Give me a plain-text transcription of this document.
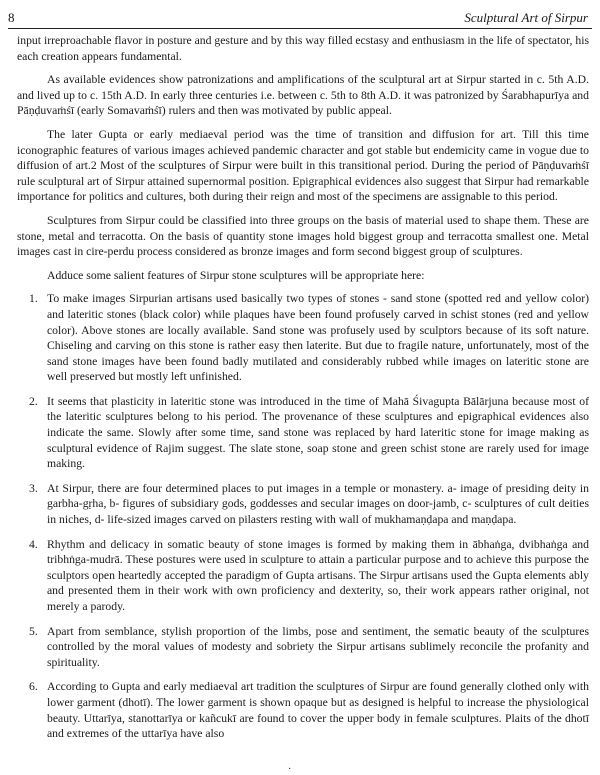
8	Sculptural Art of Sirpur

input irreproachable flavor in posture and gesture and by this way filled ecstasy and enthusiasm in the life of spectator, his each creation appears fundamental.

As available evidences show patronizations and amplifications of the sculptural art at Sirpur started in c. 5th A.D. and lived up to c. 15th A.D. In early three centuries i.e. between c. 5th to 8th A.D. it was patronized by Śarabhapurīya and Pāṇḍuvaṁśī (early Somavaṁśī) rulers and then was motivated by public appeal.

The later Gupta or early mediaeval period was the time of transition and diffusion for art. Till this time iconographic features of various images achieved pandemic character and got stable but endemicity came in vogue due to diffusion of art.2 Most of the sculptures of Sirpur were built in this transitional period. During the period of Pāṇḍuvaṁśī rule sculptural art of Sirpur attained supernormal position. Epigraphical evidences also suggest that Sirpur had remarkable importance for politics and cultures, both during their reign and most of the specimens are assignable to this period.

Sculptures from Sirpur could be classified into three groups on the basis of material used to shape them. These are stone, metal and terracotta. On the basis of quantity stone images hold biggest group and terracotta smallest one. Metal images cast in cire-perdu process considered as bronze images and form second biggest group of sculptures.

Adduce some salient features of Sirpur stone sculptures will be appropriate here:

1. To make images Sirpurian artisans used basically two types of stones - sand stone (spotted red and yellow color) and lateritic stones (black color) while plaques have been found profusely carved in schist stones (red and yellow color). Above stones are locally available. Sand stone was profusely used by sculptors because of its soft nature. Chiseling and carving on this stone is rather easy then laterite. But due to fragile nature, unfortunately, most of the sand stone images have been found badly mutilated and considerably rubbed while images on lateritic stone are well preserved but mostly left unfinished.
2. It seems that plasticity in lateritic stone was introduced in the time of Mahā Śivagupta Bālārjuna because most of the lateritic sculptures belong to his period. The provenance of these sculptures and epigraphical evidences also indicate the same. Slowly after some time, sand stone was replaced by hard lateritic stone for image making as sculptural evidence of Rajim suggest. The slate stone, soap stone and green schist stone are rarely used for image making.
3. At Sirpur, there are four determined places to put images in a temple or monastery. a- image of presiding deity in garbha-gṛha, b- figures of subsidiary gods, goddesses and secular images on door-jamb, c- sculptures of cult deities in niches, d- life-sized images carved on pilasters resting with wall of mukhamaṇḍapa and maṇḍapa.
4. Rhythm and delicacy in somatic beauty of stone images is formed by making them in ābhaṅga, dvibhaṅga and tribhṅga-mudrā. These postures were used in sculpture to attain a particular purpose and to achieve this purpose the sculptors open heartedly accepted the paradigm of Gupta artisans. The Sirpur artisans used the Gupta elements ably and presented them in their work with own proficiency and dexterity, so, their work appears rather original, not merely a parody.
5. Apart from semblance, stylish proportion of the limbs, pose and sentiment, the sematic beauty of the sculptures controlled by the moral values of modesty and sobriety the Sirpur artisans sublimely reconcile the profanity and spirituality.
6. According to Gupta and early mediaeval art tradition the sculptures of Sirpur are found generally clothed only with lower garment (dhotī). The lower garment is shown opaque but as designed is helpful to increase the physiological beauty. Uttarīya, stanottarīya or kañcukī are found to cover the upper body in female sculptures. Plaits of the dhotī and extremes of the uttarīya have also
·
